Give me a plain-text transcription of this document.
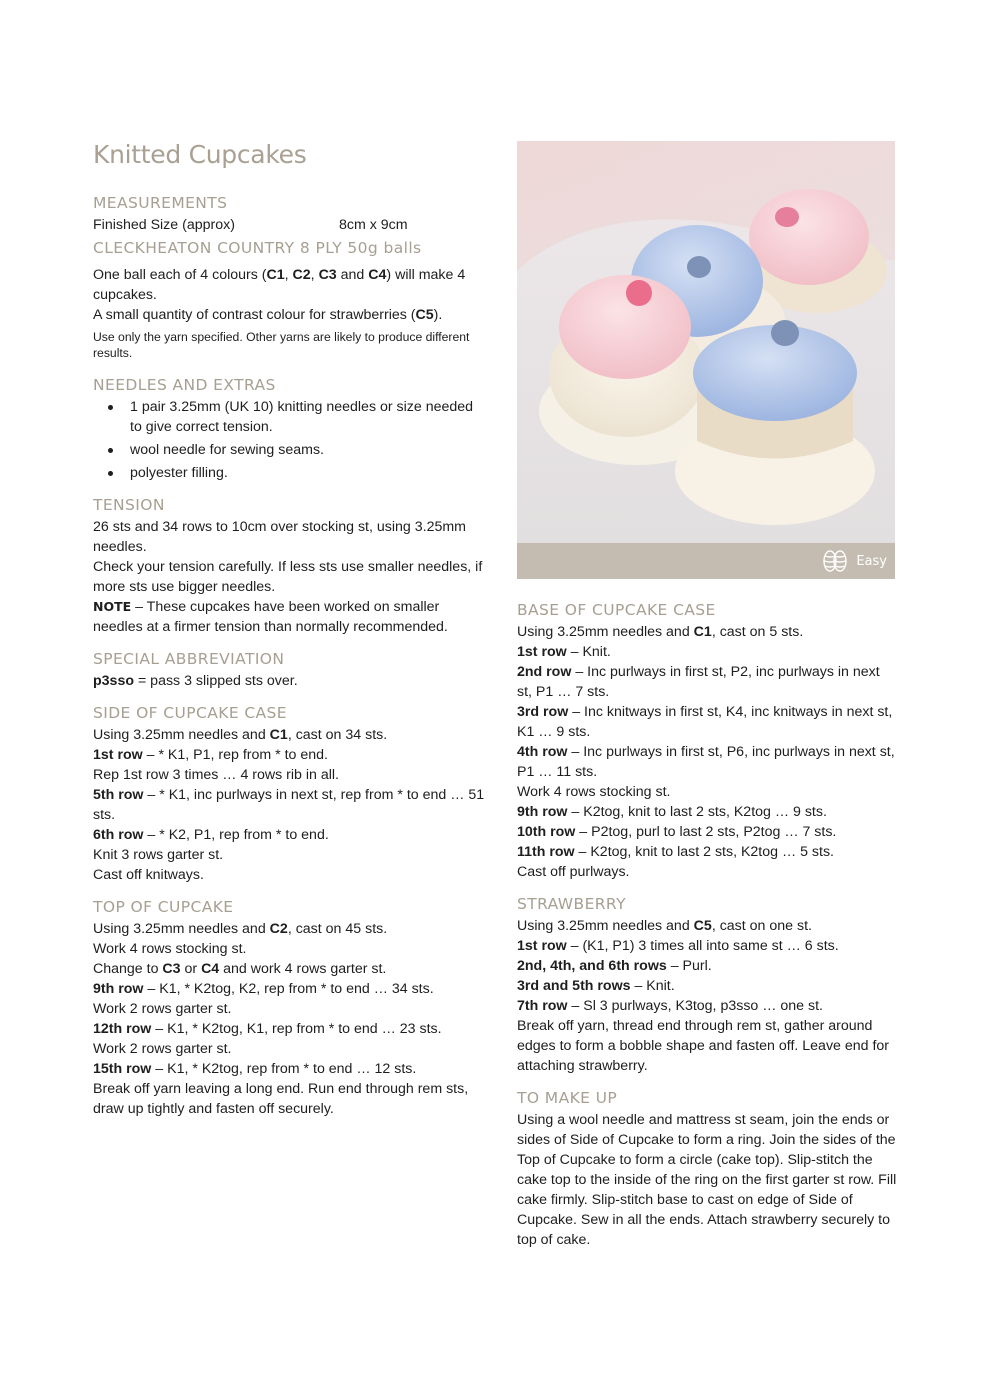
Knitted Cupcakes
MEASUREMENTS
Finished Size (approx)	8cm x 9cm
CLECKHEATON COUNTRY 8 PLY 50g balls

One ball each of 4 colours (C1, C2, C3 and C4) will make 4 cupcakes.

A small quantity of contrast colour for strawberries (C5).

Use only the yarn specified. Other yarns are likely to produce different results.

NEEDLES AND EXTRAS
1 pair 3.25mm (UK 10) knitting needles or size needed to give correct tension.
wool needle for sewing seams.
polyester filling.
TENSION

26 sts and 34 rows to 10cm over stocking st, using 3.25mm needles.

Check your tension carefully. If less sts use smaller needles, if more sts use bigger needles.

NOTE – These cupcakes have been worked on smaller needles at a firmer tension than normally recommended.

SPECIAL ABBREVIATION

p3sso = pass 3 slipped sts over.

SIDE OF CUPCAKE CASE

Using 3.25mm needles and C1, cast on 34 sts.

1st row – * K1, P1, rep from * to end.

Rep 1st row 3 times … 4 rows rib in all.

5th row – * K1, inc purlways in next st, rep from * to end … 51 sts.

6th row – * K2, P1, rep from * to end.

Knit 3 rows garter st.

Cast off knitways.

TOP OF CUPCAKE

Using 3.25mm needles and C2, cast on 45 sts.

Work 4 rows stocking st.

Change to C3 or C4 and work 4 rows garter st.

9th row – K1, * K2tog, K2, rep from * to end … 34 sts.

Work 2 rows garter st.

12th row – K1, * K2tog, K1, rep from * to end … 23 sts.

Work 2 rows garter st.

15th row – K1, * K2tog, rep from * to end … 12 sts.

Break off yarn leaving a long end. Run end through rem sts, draw up tightly and fasten off securely.

Easy
BASE OF CUPCAKE CASE

Using 3.25mm needles and C1, cast on 5 sts.

1st row – Knit.

2nd row – Inc purlways in first st, P2, inc purlways in next st, P1 … 7 sts.

3rd row – Inc knitways in first st, K4, inc knitways in next st, K1 … 9 sts.

4th row – Inc purlways in first st, P6, inc purlways in next st, P1 … 11 sts.

Work 4 rows stocking st.

9th row – K2tog, knit to last 2 sts, K2tog … 9 sts.

10th row – P2tog, purl to last 2 sts, P2tog … 7 sts.

11th row – K2tog, knit to last 2 sts, K2tog … 5 sts.

Cast off purlways.

STRAWBERRY

Using 3.25mm needles and C5, cast on one st.

1st row – (K1, P1) 3 times all into same st … 6 sts.

2nd, 4th, and 6th rows – Purl.

3rd and 5th rows – Knit.

7th row – Sl 3 purlways, K3tog, p3sso … one st.

Break off yarn, thread end through rem st, gather around edges to form a bobble shape and fasten off. Leave end for attaching strawberry.

TO MAKE UP

Using a wool needle and mattress st seam, join the ends or sides of Side of Cupcake to form a ring. Join the sides of the Top of Cupcake to form a circle (cake top). Slip-stitch the cake top to the inside of the ring on the first garter st row. Fill cake firmly. Slip-stitch base to cast on edge of Side of Cupcake. Sew in all the ends. Attach strawberry securely to top of cake.
